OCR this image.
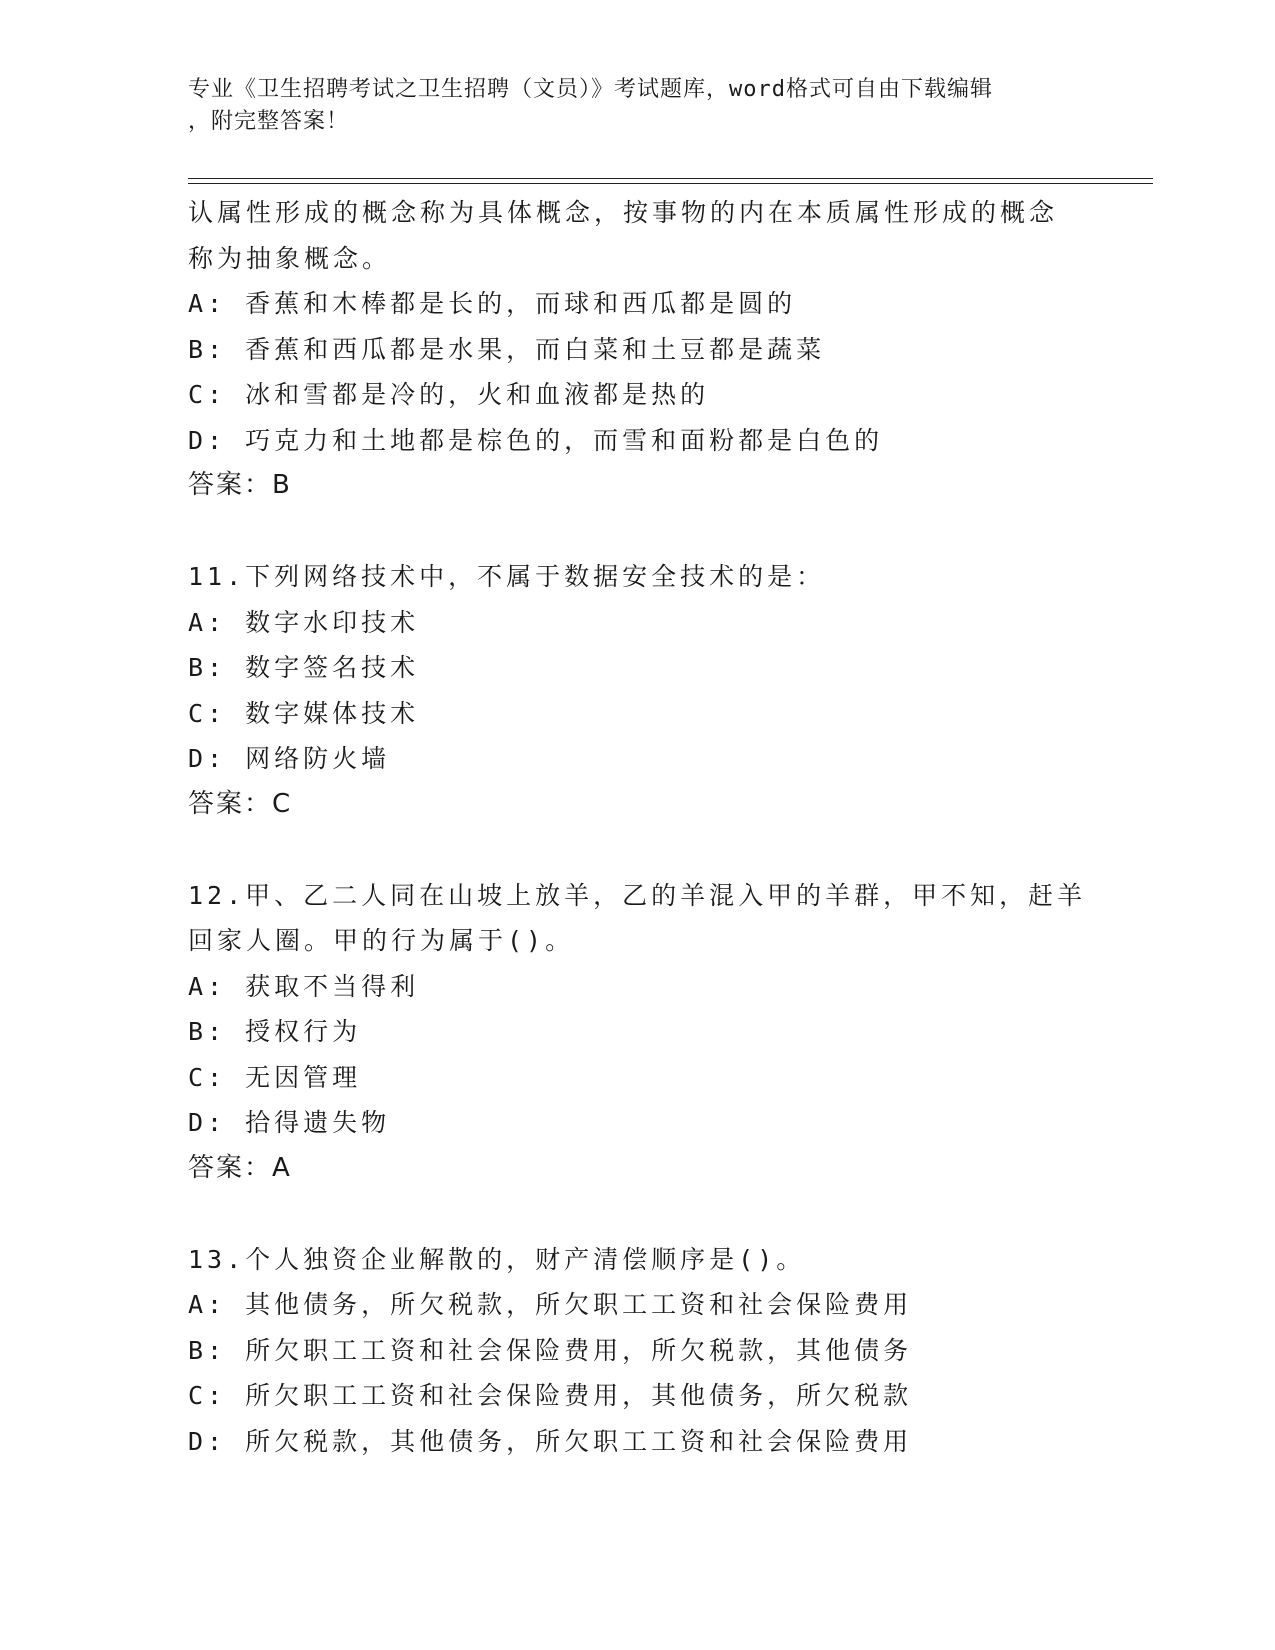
专业《卫生招聘考试之卫生招聘（文员）》考试题库，word格式可自由下载编辑
，附完整答案！
认属性形成的概念称为具体概念，按事物的内在本质属性形成的概念
称为抽象概念。
A: 香蕉和木棒都是长的，而球和西瓜都是圆的
B: 香蕉和西瓜都是水果，而白菜和土豆都是蔬菜
C: 冰和雪都是冷的，火和血液都是热的
D: 巧克力和土地都是棕色的，而雪和面粉都是白色的
答案：B
11.下列网络技术中，不属于数据安全技术的是：
A: 数字水印技术
B: 数字签名技术
C: 数字媒体技术
D: 网络防火墙
答案：C
12.甲、乙二人同在山坡上放羊，乙的羊混入甲的羊群，甲不知，赶羊
回家人圈。甲的行为属于()。
A: 获取不当得利
B: 授权行为
C: 无因管理
D: 拾得遗失物
答案：A
13.个人独资企业解散的，财产清偿顺序是()。
A: 其他债务，所欠税款，所欠职工工资和社会保险费用
B: 所欠职工工资和社会保险费用，所欠税款，其他债务
C: 所欠职工工资和社会保险费用，其他债务，所欠税款
D: 所欠税款，其他债务，所欠职工工资和社会保险费用
